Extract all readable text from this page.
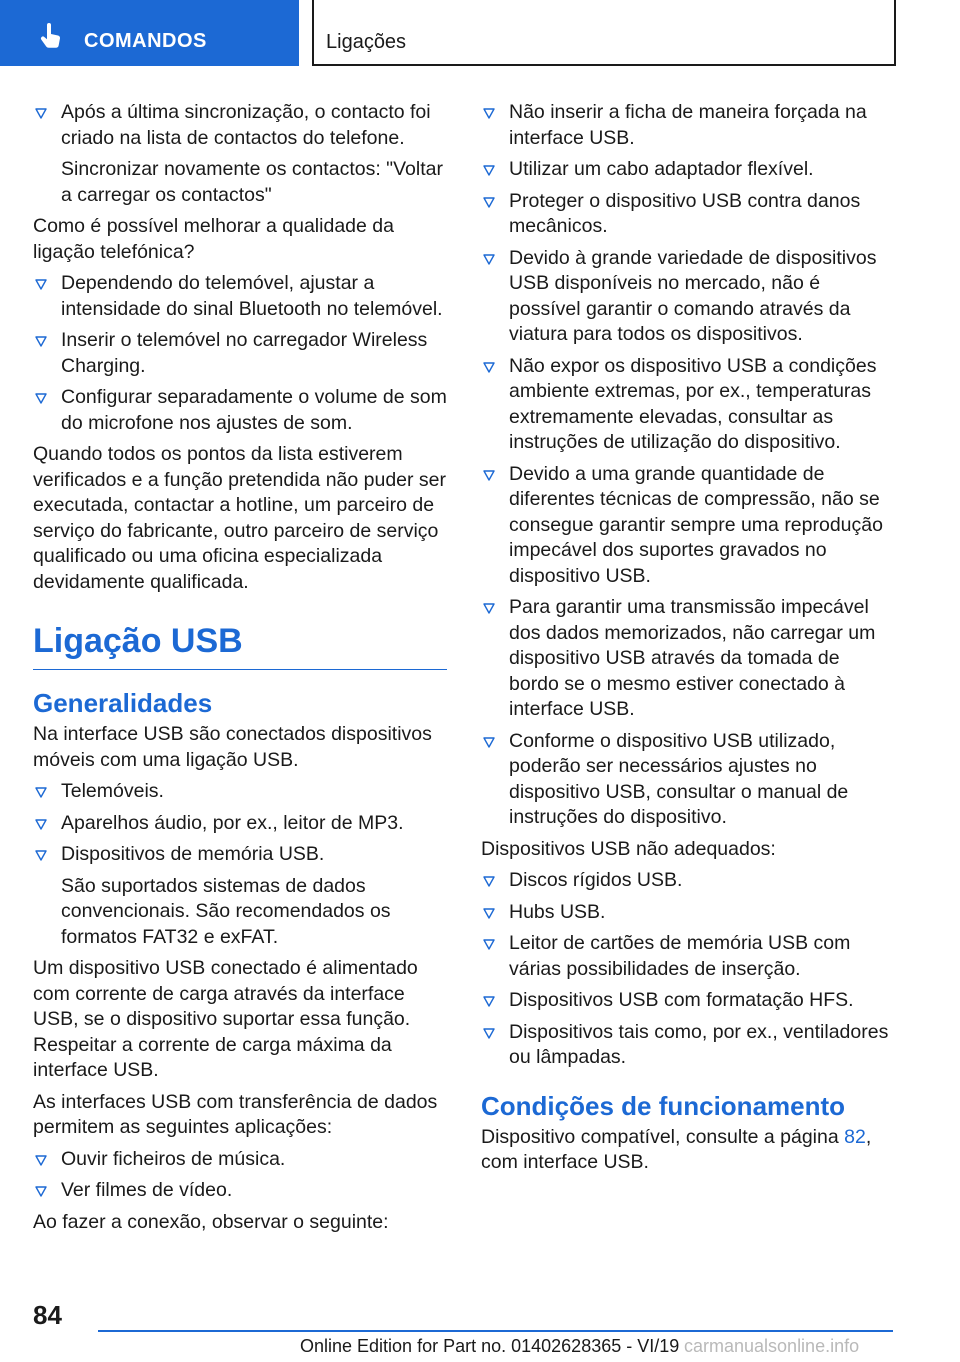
COMANDOS	Ligações
Após a última sincronização, o contacto foi criado na lista de contactos do telefone.
Sincronizar novamente os contactos: "Voltar a carregar os contactos"
Como é possível melhorar a qualidade da ligação telefónica?
Dependendo do telemóvel, ajustar a intensidade do sinal Bluetooth no telemóvel.
Inserir o telemóvel no carregador Wireless Charging.
Configurar separadamente o volume de som do microfone nos ajustes de som.
Quando todos os pontos da lista estiverem verificados e a função pretendida não puder ser executada, contactar a hotline, um parceiro de serviço do fabricante, outro parceiro de serviço qualificado ou uma oficina especializada devidamente qualificada.
Ligação USB
Generalidades
Na interface USB são conectados dispositivos móveis com uma ligação USB.
Telemóveis.
Aparelhos áudio, por ex., leitor de MP3.
Dispositivos de memória USB.
São suportados sistemas de dados convencionais. São recomendados os formatos FAT32 e exFAT.
Um dispositivo USB conectado é alimentado com corrente de carga através da interface USB, se o dispositivo suportar essa função. Respeitar a corrente de carga máxima da interface USB.
As interfaces USB com transferência de dados permitem as seguintes aplicações:
Ouvir ficheiros de música.
Ver filmes de vídeo.
Ao fazer a conexão, observar o seguinte:
Não inserir a ficha de maneira forçada na interface USB.
Utilizar um cabo adaptador flexível.
Proteger o dispositivo USB contra danos mecânicos.
Devido à grande variedade de dispositivos USB disponíveis no mercado, não é possível garantir o comando através da viatura para todos os dispositivos.
Não expor os dispositivo USB a condições ambiente extremas, por ex., temperaturas extremamente elevadas, consultar as instruções de utilização do dispositivo.
Devido a uma grande quantidade de diferentes técnicas de compressão, não se consegue garantir sempre uma reprodução impecável dos suportes gravados no dispositivo USB.
Para garantir uma transmissão impecável dos dados memorizados, não carregar um dispositivo USB através da tomada de bordo se o mesmo estiver conectado à interface USB.
Conforme o dispositivo USB utilizado, poderão ser necessários ajustes no dispositivo USB, consultar o manual de instruções do dispositivo.
Dispositivos USB não adequados:
Discos rígidos USB.
Hubs USB.
Leitor de cartões de memória USB com várias possibilidades de inserção.
Dispositivos USB com formatação HFS.
Dispositivos tais como, por ex., ventiladores ou lâmpadas.
Condições de funcionamento
Dispositivo compatível, consulte a página 82,
com interface USB.
84
Online Edition for Part no. 01402628365 - VI/19 carmanualsonline.info
